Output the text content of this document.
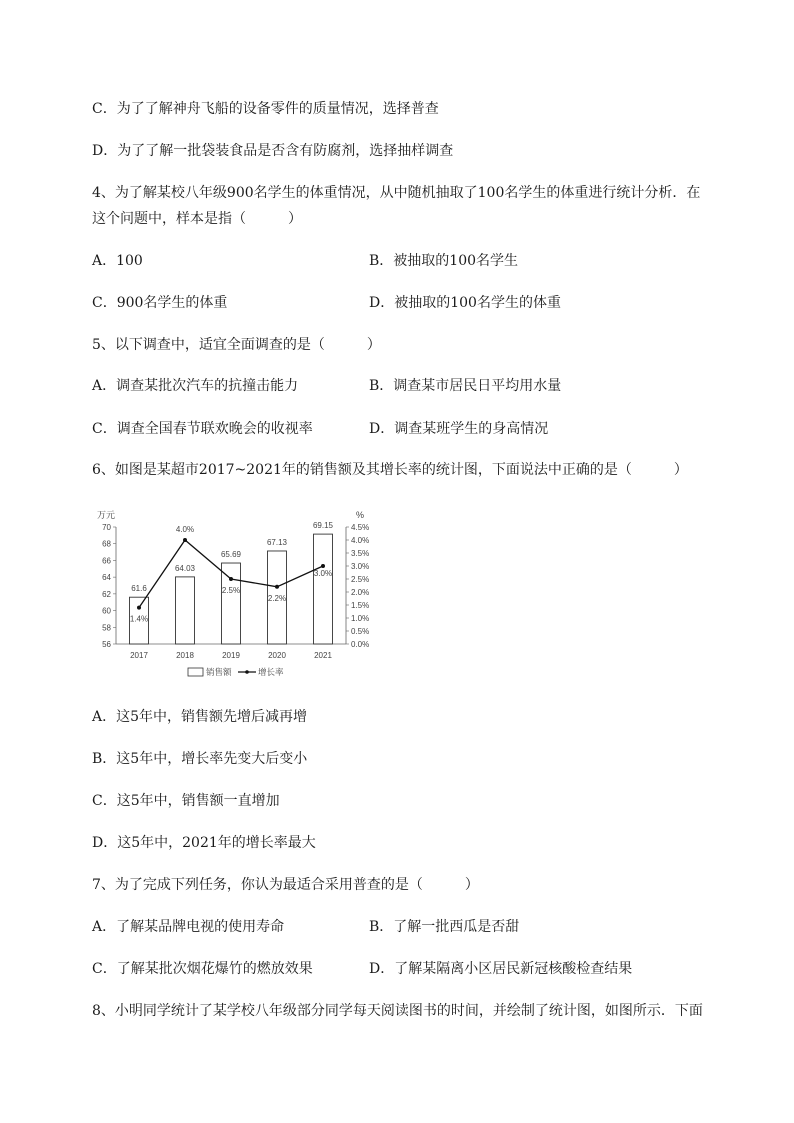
C．为了了解神舟飞船的设备零件的质量情况，选择普查
D．为了了解一批袋装食品是否含有防腐剂，选择抽样调查
4、为了解某校八年级900名学生的体重情况，从中随机抽取了100名学生的体重进行统计分析．在
这个问题中，样本是指（　　　）
A．100	B．被抽取的100名学生
C．900名学生的体重	D．被抽取的100名学生的体重
5、以下调查中，适宜全面调查的是（　　　）
A．调查某批次汽车的抗撞击能力	B．调查某市居民日平均用水量
C．调查全国春节联欢晚会的收视率	D．调查某班学生的身高情况
6、如图是某超市2017~2021年的销售额及其增长率的统计图，下面说法中正确的是（　　　）
56
58
60
62
64
66
68
70
0.0%
0.5%
1.0%
1.5%
2.0%
2.5%
3.0%
3.5%
4.0%
4.5%
万元	%
61.6
64.03
65.69
67.13
69.15
2017	2018	2019	2020	2021
1.4%
4.0%
2.5%
2.2%
3.0%
销售额	增长率
A．这5年中，销售额先增后减再增
B．这5年中，增长率先变大后变小
C．这5年中，销售额一直增加
D．这5年中，2021年的增长率最大
7、为了完成下列任务，你认为最适合采用普查的是（　　　）
A．了解某品牌电视的使用寿命	B．了解一批西瓜是否甜
C．了解某批次烟花爆竹的燃放效果	D．了解某隔离小区居民新冠核酸检查结果
8、小明同学统计了某学校八年级部分同学每天阅读图书的时间，并绘制了统计图，如图所示．下面
